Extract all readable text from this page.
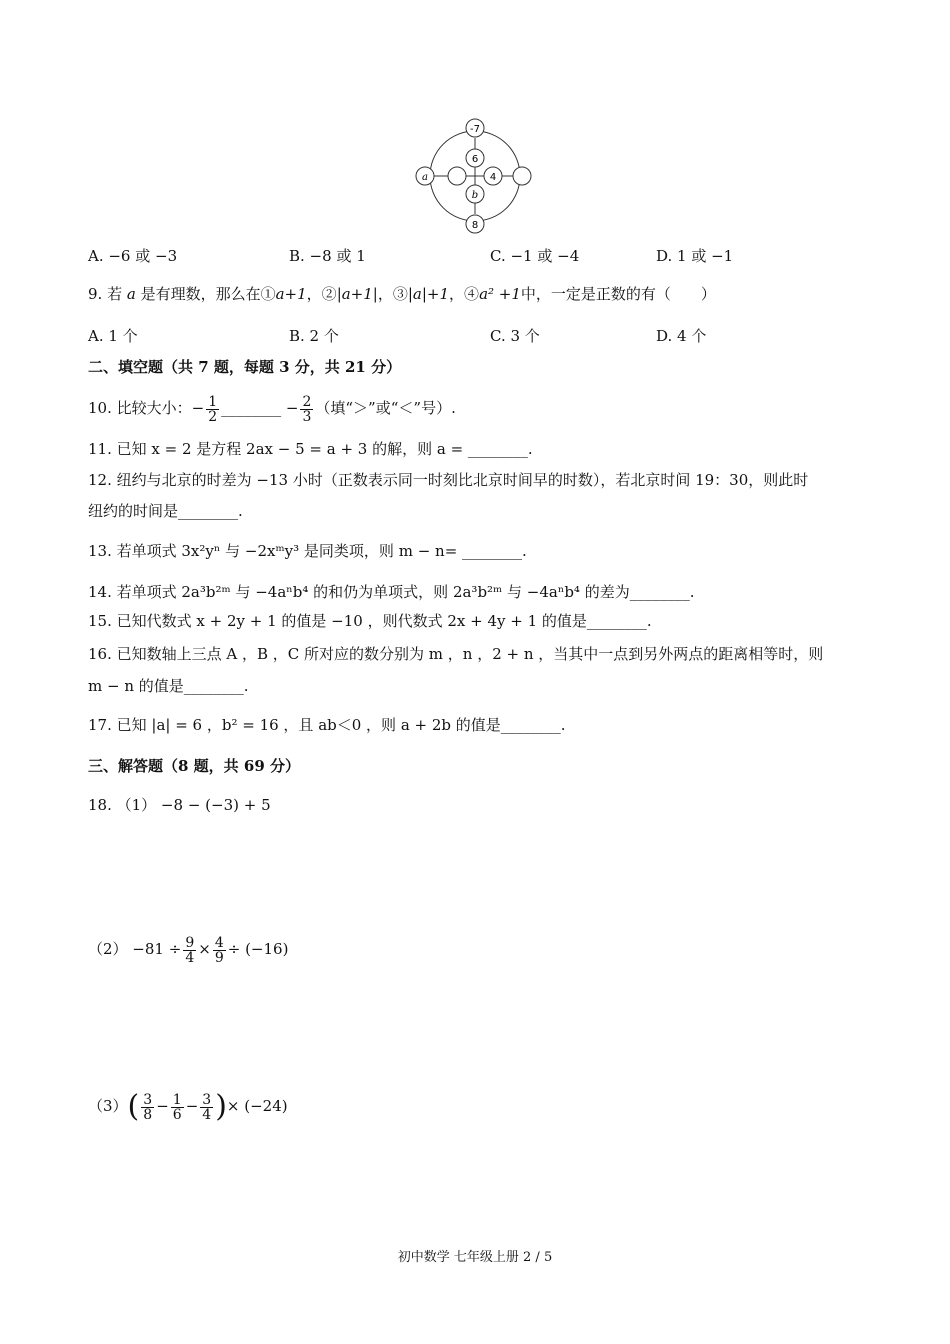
-7
6
a	4
b
8
A. −6 或 −3	B. −8 或 1	C. −1 或 −4	D. 1 或 −1
9. 若 a 是有理数，那么在①a+1，②|a+1|，③|a|+1，④a² +1中，一定是正数的有（　　）
A. 1 个	B. 2 个	C. 3 个	D. 4 个
二、填空题（共 7 题，每题 3 分，共 21 分）
10. 比较大小：− $\frac{1}{2}$ ________ − $\frac{2}{3}$ （填“＞”或“＜”号）.
11. 已知 x = 2 是方程 2ax − 5 = a + 3 的解，则 a = ________.
12. 纽约与北京的时差为 −13 小时（正数表示同一时刻比北京时间早的时数），若北京时间 19：30，则此时
纽约的时间是________.
13. 若单项式 3x²yⁿ 与 −2xᵐy³ 是同类项，则 m − n= ________.
14. 若单项式 2a³b²ᵐ 与 −4aⁿb⁴ 的和仍为单项式，则 2a³b²ᵐ 与 −4aⁿb⁴ 的差为________.
15. 已知代数式 x + 2y + 1 的值是 −10 ，则代数式 2x + 4y + 1 的值是________.
16. 已知数轴上三点 A ，B ，C 所对应的数分别为 m ，n ，2 + n ，当其中一点到另外两点的距离相等时，则
m − n 的值是________.
17. 已知 |a| = 6 ，b² = 16 ，且 ab＜0 ，则 a + 2b 的值是________.
三、解答题（8 题，共 69 分）
18. （1） −8 − (−3) + 5
$(2) -81 \div \frac{9}{4} \times \frac{4}{9} \div (-16)$
$(3)( \frac{3}{8} - \frac{1}{6} - \frac{3}{4}$ )× (−24)
初中数学 七年级上册 2 / 5
